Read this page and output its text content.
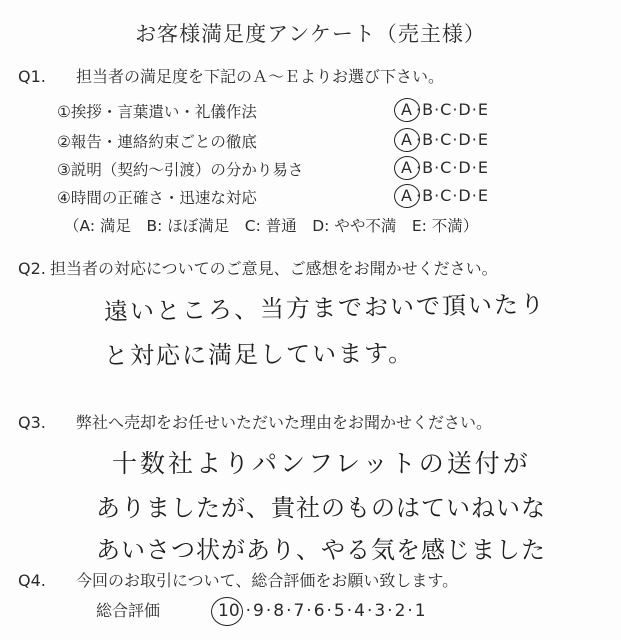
お客様満足度アンケート（売主様）
Q1. 担当者の満足度を下記のＡ～Ｅよりお選び下さい。
①挨拶・言葉遣い・礼儀作法	A ·B·C·D·E
②報告・連絡約束ごとの徹底	A ·B·C·D·E
③説明（契約～引渡）の分かり易さ	A ·B·C·D·E
④時間の正確さ・迅速な対応	A ·B·C·D·E
（A: 満足　B: ほぼ満足　C: 普通　D: やや不満　E: 不満）
Q2. 担当者の対応についてのご意見、ご感想をお聞かせください。
遠いところ、当方までおいで頂いたり
と対応に満足しています。
Q3. 弊社へ売却をお任せいただいた理由をお聞かせください。
十数社よりパンフレットの送付が
ありましたが、貴社のものはていねいな
あいさつ状があり、やる気を感じました
Q4. 今回のお取引について、総合評価をお願い致します。
総合評価	10 ·9·8·7·6·5·4·3·2·1
